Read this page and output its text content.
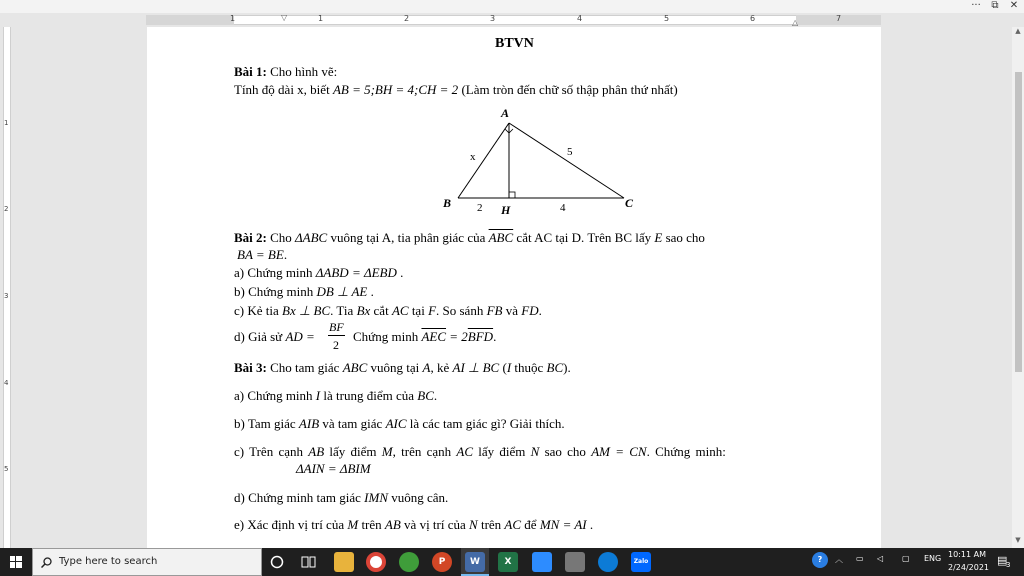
···	⧉	✕
1	1	2	3	4	5	6	7
▽
△
1
2
3
4
5
BTVN
Bài 1: Cho hình vẽ:
Tính độ dài x, biết AB = 5;BH = 4;CH = 2 (Làm tròn đến chữ số thập phân thứ nhất)
A
B	C
H
x	5
2	4
Bài 2: Cho ΔABC vuông tại A, tia phân giác của $\overline{ABC}$ cắt AC tại D. Trên BC lấy E sao cho
BA = BE.
a) Chứng minh ΔABD = ΔEBD .
b) Chứng minh DB ⊥ AE .
c) Kẻ tia Bx ⊥ BC. Tia Bx cắt AC tại F. So sánh FB và FD.
d) Giả sử AD =
BF
2
Chứng minh $\overline{AEC} = 2\overline{BFD}$.
Bài 3: Cho tam giác ABC vuông tại A, kẻ AI ⊥ BC (I thuộc BC).
a) Chứng minh I là trung điểm của BC.
b) Tam giác AIB và tam giác AIC là các tam giác gì? Giải thích.
c) Trên cạnh AB lấy điểm M, trên cạnh AC lấy điểm N sao cho AM = CN. Chứng minh:
ΔAIN = ΔBIM
d) Chứng minh tam giác IMN vuông cân.
e) Xác định vị trí của M trên AB và vị trí của N trên AC để MN = AI .
▲
▼
Type here to search	P	W	X	Zalo	?	︿ ▭ ◁ ▢ ENG 10:11 AM
2/24/2021
▤
3
